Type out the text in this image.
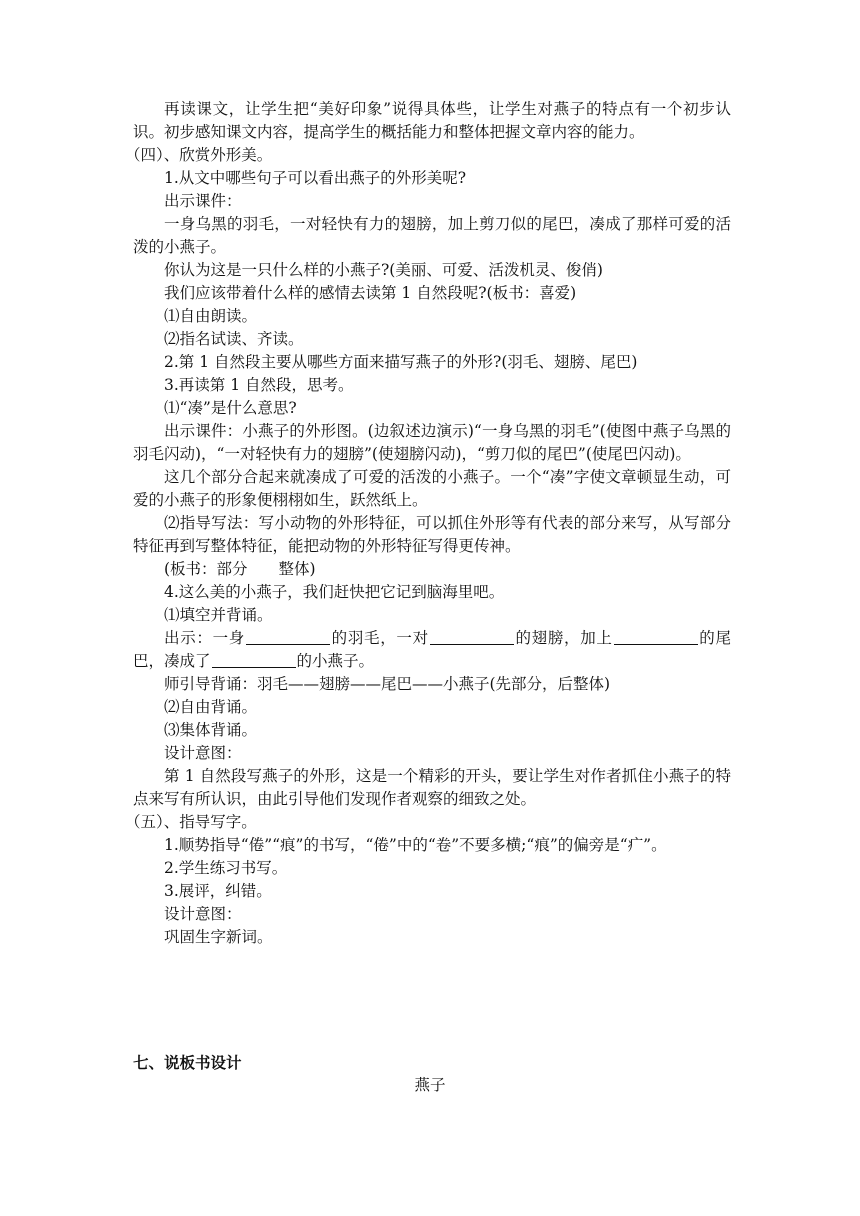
再读课文，让学生把“美好印象”说得具体些，让学生对燕子的特点有一个初步认识。初步感知课文内容，提高学生的概括能力和整体把握文章内容的能力。

（四）、欣赏外形美。

1.从文中哪些句子可以看出燕子的外形美呢?

出示课件：

一身乌黑的羽毛，一对轻快有力的翅膀，加上剪刀似的尾巴，凑成了那样可爱的活泼的小燕子。

你认为这是一只什么样的小燕子?(美丽、可爱、活泼机灵、俊俏)

我们应该带着什么样的感情去读第 1 自然段呢?(板书：喜爱)

⑴自由朗读。

⑵指名试读、齐读。

2.第 1 自然段主要从哪些方面来描写燕子的外形?(羽毛、翅膀、尾巴)

3.再读第 1 自然段，思考。

⑴“凑”是什么意思?

出示课件：小燕子的外形图。(边叙述边演示)“一身乌黑的羽毛”(使图中燕子乌黑的羽毛闪动)，“一对轻快有力的翅膀”(使翅膀闪动)，“剪刀似的尾巴”(使尾巴闪动)。

这几个部分合起来就凑成了可爱的活泼的小燕子。一个“凑”字使文章顿显生动，可爱的小燕子的形象便栩栩如生，跃然纸上。

⑵指导写法：写小动物的外形特征，可以抓住外形等有代表的部分来写，从写部分特征再到写整体特征，能把动物的外形特征写得更传神。

(板书：部分　　整体)

4.这么美的小燕子，我们赶快把它记到脑海里吧。

⑴填空并背诵。

出示：一身	的羽毛，一对	的翅膀，加上	的尾巴，凑成了	的小燕子。

师引导背诵：羽毛——翅膀——尾巴——小燕子(先部分，后整体)

⑵自由背诵。

⑶集体背诵。

设计意图：

第 1 自然段写燕子的外形，这是一个精彩的开头，要让学生对作者抓住小燕子的特点来写有所认识，由此引导他们发现作者观察的细致之处。

（五）、指导写字。

1.顺势指导“倦”“痕”的书写，“倦”中的“卷”不要多横;“痕”的偏旁是“疒”。

2.学生练习书写。

3.展评，纠错。

设计意图：

巩固生字新词。

七、说板书设计
燕子
